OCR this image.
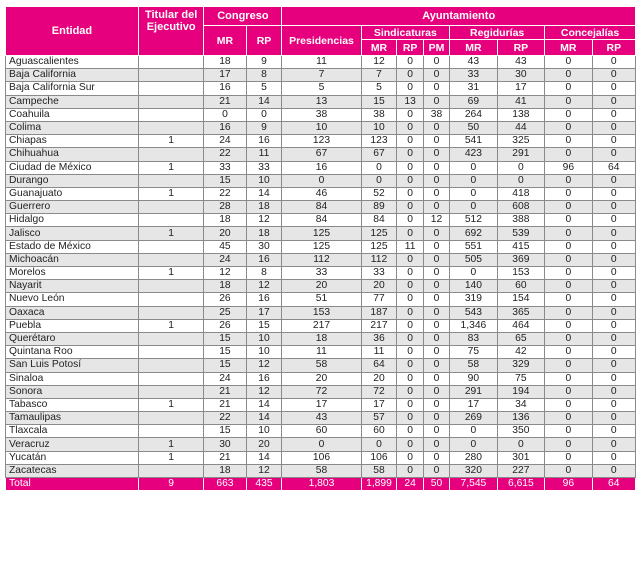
Entidad	Titular del Ejecutivo	Congreso		Ayuntamiento							
		MR	RP	Presidencias	Sindicaturas			Regidurías		Concejalías	
					MR	RP	PM	MR	RP	MR	RP
Aguascalientes		18	9	11	12	0	0	43	43	0	0
Baja California		17	8	7	7	0	0	33	30	0	0
Baja California Sur		16	5	5	5	0	0	31	17	0	0
Campeche		21	14	13	15	13	0	69	41	0	0
Coahuila		0	0	38	38	0	38	264	138	0	0
Colima		16	9	10	10	0	0	50	44	0	0
Chiapas	1	24	16	123	123	0	0	541	325	0	0
Chihuahua		22	11	67	67	0	0	423	291	0	0
Ciudad de México	1	33	33	16	0	0	0	0	0	96	64
Durango		15	10	0	0	0	0	0	0	0	0
Guanajuato	1	22	14	46	52	0	0	0	418	0	0
Guerrero		28	18	84	89	0	0	0	608	0	0
Hidalgo		18	12	84	84	0	12	512	388	0	0
Jalisco	1	20	18	125	125	0	0	692	539	0	0
Estado de México		45	30	125	125	11	0	551	415	0	0
Michoacán		24	16	112	112	0	0	505	369	0	0
Morelos	1	12	8	33	33	0	0	0	153	0	0
Nayarit		18	12	20	20	0	0	140	60	0	0
Nuevo León		26	16	51	77	0	0	319	154	0	0
Oaxaca		25	17	153	187	0	0	543	365	0	0
Puebla	1	26	15	217	217	0	0	1,346	464	0	0
Querétaro		15	10	18	36	0	0	83	65	0	0
Quintana Roo		15	10	11	11	0	0	75	42	0	0
San Luis Potosí		15	12	58	64	0	0	58	329	0	0
Sinaloa		24	16	20	20	0	0	90	75	0	0
Sonora		21	12	72	72	0	0	291	194	0	0
Tabasco	1	21	14	17	17	0	0	17	34	0	0
Tamaulipas		22	14	43	57	0	0	269	136	0	0
Tlaxcala		15	10	60	60	0	0	0	350	0	0
Veracruz	1	30	20	0	0	0	0	0	0	0	0
Yucatán	1	21	14	106	106	0	0	280	301	0	0
Zacatecas		18	12	58	58	0	0	320	227	0	0
Total	9	663	435	1,803	1,899	24	50	7,545	6,615	96	64
